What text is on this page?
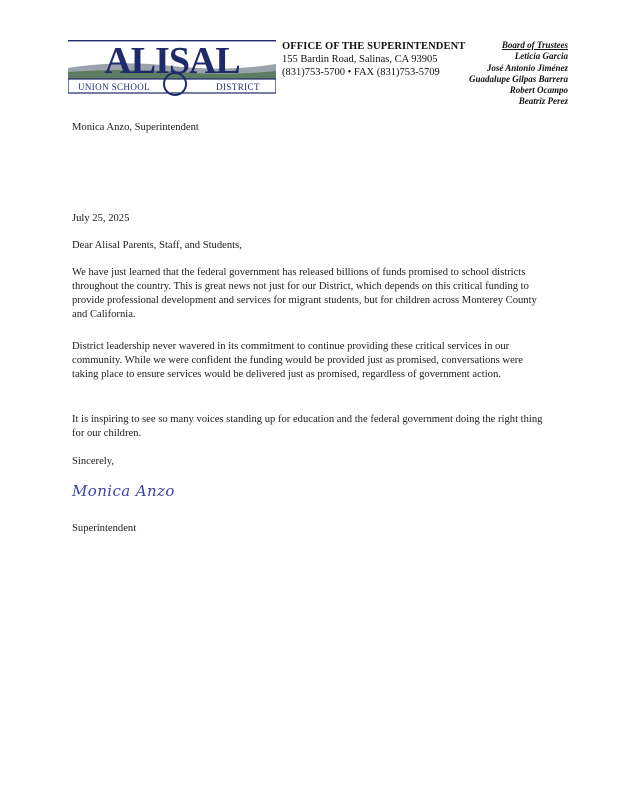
ALISAL
UNION SCHOOL	DISTRICT
OFFICE OF THE SUPERINTENDENT
155 Bardin Road, Salinas, CA 93905
(831)753-5700 • FAX (831)753-5709
Board of Trustees
Leticia Garcia
José Antonio Jiménez
Guadalupe Gilpas Barrera
Robert Ocampo
Beatriz Perez
Monica Anzo, Superintendent
July 25, 2025
Dear Alisal Parents, Staff, and Students,
We have just learned that the federal government has released billions of funds promised to school districts throughout the country. This is great news not just for our District, which depends on this critical funding to provide professional development and services for migrant students, but for children across Monterey County and California.
District leadership never wavered in its commitment to continue providing these critical services in our community. While we were confident the funding would be provided just as promised, conversations were taking place to ensure services would be delivered just as promised, regardless of government action.
It is inspiring to see so many voices standing up for education and the federal government doing the right thing for our children.
Sincerely,
Monica Anzo
Superintendent
